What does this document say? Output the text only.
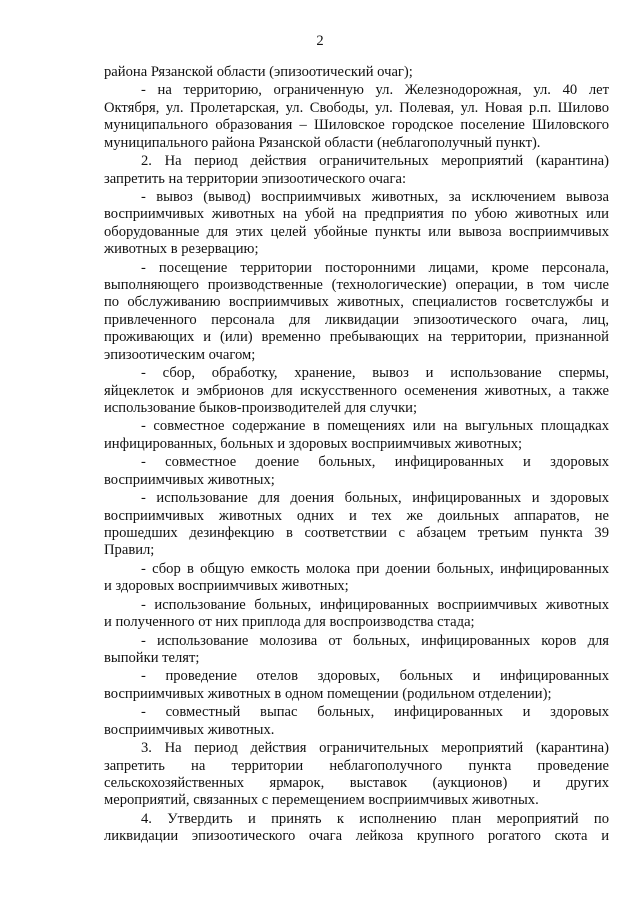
2
района Рязанской области (эпизоотический очаг);
- на территорию, ограниченную ул. Железнодорожная, ул. 40 лет
Октября, ул. Пролетарская, ул. Свободы, ул. Полевая, ул. Новая р.п. Шилово
муниципального образования – Шиловское городское поселение Шиловского
муниципального района Рязанской области (неблагополучный пункт).
2. На период действия ограничительных мероприятий (карантина)
запретить на территории эпизоотического очага:
- вывоз (вывод) восприимчивых животных, за исключением вывоза
восприимчивых животных на убой на предприятия по убою животных или
оборудованные для этих целей убойные пункты или вывоза восприимчивых
животных в резервацию;
- посещение территории посторонними лицами, кроме персонала,
выполняющего производственные (технологические) операции, в том числе
по обслуживанию восприимчивых животных, специалистов госветслужбы и
привлеченного персонала для ликвидации эпизоотического очага, лиц,
проживающих и (или) временно пребывающих на территории, признанной
эпизоотическим очагом;
- сбор, обработку, хранение, вывоз и использование спермы,
яйцеклеток и эмбрионов для искусственного осеменения животных, а также
использование быков-производителей для случки;
- совместное содержание в помещениях или на выгульных площадках
инфицированных, больных и здоровых восприимчивых животных;
- совместное доение больных, инфицированных и здоровых
восприимчивых животных;
- использование для доения больных, инфицированных и здоровых
восприимчивых животных одних и тех же доильных аппаратов, не
прошедших дезинфекцию в соответствии с абзацем третьим пункта 39
Правил;
- сбор в общую емкость молока при доении больных, инфицированных
и здоровых восприимчивых животных;
- использование больных, инфицированных восприимчивых животных
и полученного от них приплода для воспроизводства стада;
- использование молозива от больных, инфицированных коров для
выпойки телят;
- проведение отелов здоровых, больных и инфицированных
восприимчивых животных в одном помещении (родильном отделении);
- совместный выпас больных, инфицированных и здоровых
восприимчивых животных.
3. На период действия ограничительных мероприятий (карантина)
запретить на территории неблагополучного пункта проведение
сельскохозяйственных ярмарок, выставок (аукционов) и других
мероприятий, связанных с перемещением восприимчивых животных.
4. Утвердить и принять к исполнению план мероприятий по
ликвидации эпизоотического очага лейкоза крупного рогатого скота и
